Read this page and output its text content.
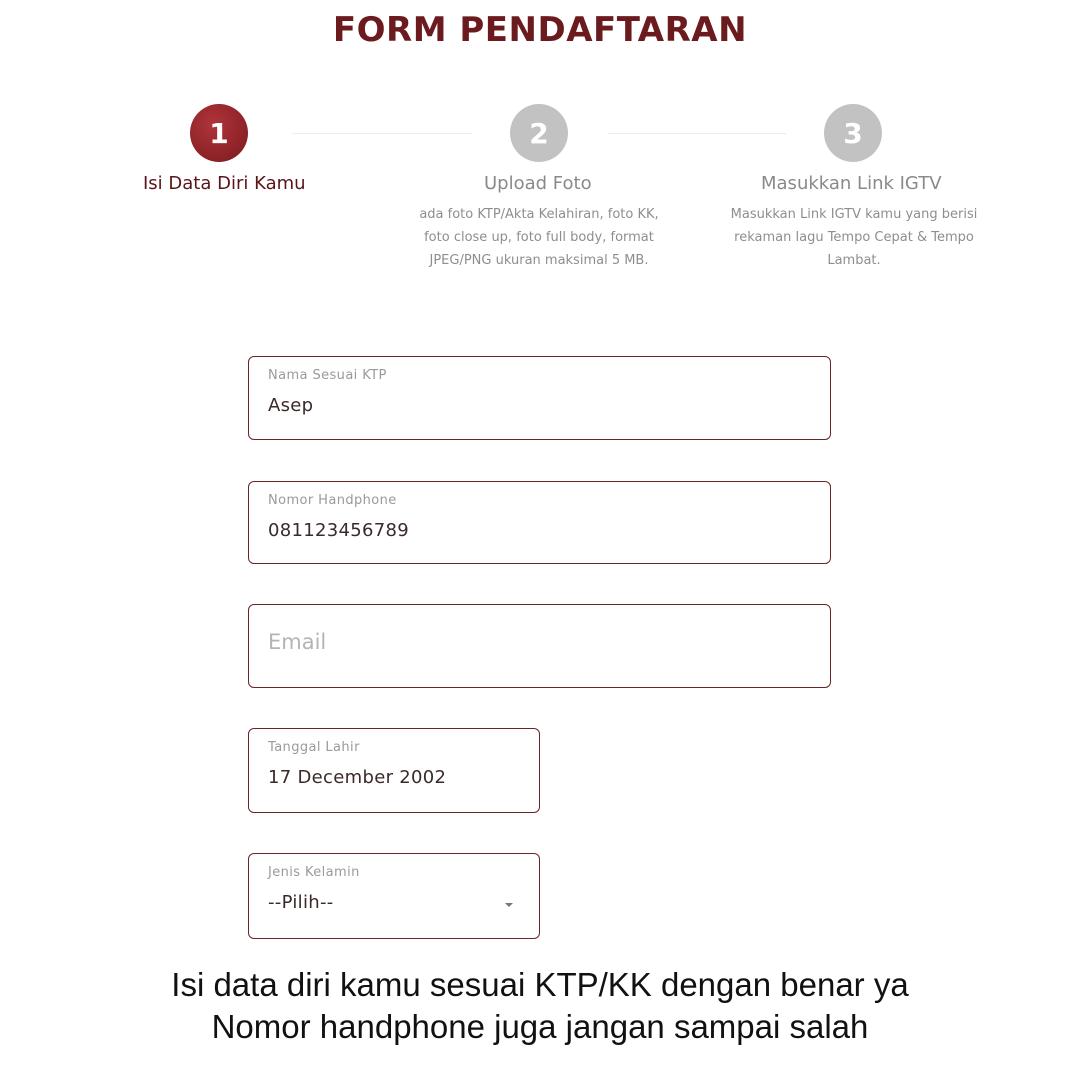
FORM PENDAFTARAN
1
Isi Data Diri Kamu
2
Upload Foto
ada foto KTP/Akta Kelahiran, foto KK,
foto close up, foto full body, format
JPEG/PNG ukuran maksimal 5 MB.
3
Masukkan Link IGTV
Masukkan Link IGTV kamu yang berisi
rekaman lagu Tempo Cepat & Tempo
Lambat.
Nama Sesuai KTP
Asep
Nomor Handphone
081123456789
Email
Tanggal Lahir
17 December 2002
Jenis Kelamin
--Pilih--
Isi data diri kamu sesuai KTP/KK dengan benar ya
Nomor handphone juga jangan sampai salah
